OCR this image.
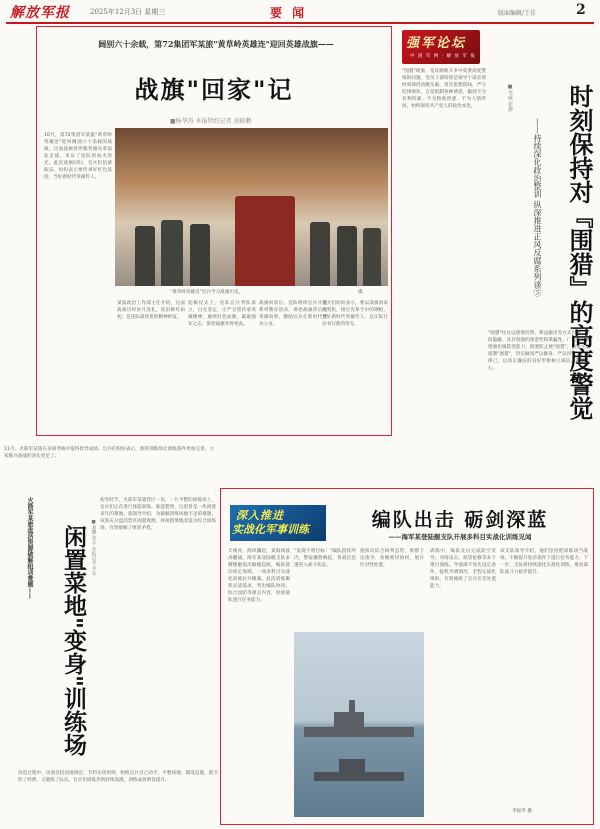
解放军报	2025年12月3日 星期三	要 闻	版面编辑/王佳	2
阔别六十余载，第72集团军某旅"黄草岭英雄连"迎回英雄战旗——
战旗"回家"记
■杨华涛 本报特约记者 黄振鹏
10月，第72集团军某旅"黄草岭英雄连"迎回阔别六十余载的战旗。这面战旗曾伴随英雄先辈南征北战，见证了连队的血火荣光。此次战旗回归，官兵们倍感振奋，纷纷表示要传承好红色基因，当好新时代英雄传人。
"黄草岭英雄连"官兵学习战旗历史。	摄
某旅政治工作部主任介绍，这面战旗历经岁月洗礼，依旧鲜红如初，是连队最珍贵的精神财富。
迎旗仪式上，连队官兵列队肃立，目光坚定，庄严宣誓传承英雄精神，赓续红色血脉，砥砺强军之志，誓把战旗举得更高。
战旗回家后，连队组织官兵开展系列教育活动，讲述战旗背后的英雄故事，激励官兵在新时代建功立业。
官兵们纷纷表示，要以战旗回家为契机，接过先辈手中的钢枪，当好新时代英雄传人，以实际行动书写新的荣光。
强军论坛
中 国 军 网 · 解 放 军 报
"围猎"现象，是反腐败斗争中需要高度警惕的问题。党员干部特别是领导干部必须时刻保持清醒头脑，筑牢思想防线，严守纪律规矩，自觉抵制各种诱惑，做到不为名利所累、不为物欲所惑、不为人情所困，始终保持共产党人的政治本色。
"围猎"往往以感情投资、利益输送等方式出现，手段隐蔽，具有很强的迷惑性和欺骗性。广大官兵要增强拒腐防变能力，既要防止被"围猎"，也要主动抵制"围猎"，切实做到严以修身、严以用权、严以律己，以清正廉洁的良好形象树立威信、凝聚人心。	时刻保持对『围猎』的高度警觉
——持续深化政治整训 纵深推进正风反腐系列谈⑤
■李威 张静
11月，火箭军某旅在多项考核中取得优异成绩。官兵们纷纷表示，新的训练场让训练条件更加完善，大家练兵备战的劲头更足了。
火箭军某旅盘活资源破解组训难题——	闲置菜地"变身"训练场	■刘鹏 张宇 本报记者 李东
初冬时节，火箭军某旅营区一角，一片平整的训练场上，官兵们正在进行体能训练。谁能想到，这里曾是一块闲置多年的菜地。旅领导介绍，为破解训练场地不足的难题，该旅充分盘活营区闲置资源，将闲置菜地改造为综合训练场，有效缓解了组训矛盾。
改造过程中，该旅坚持因地制宜、节约实用原则，组织官兵自己动手，平整场地、铺设设施，既节约了经费，又锻炼了队伍，官兵们训练热情持续高涨，训练成效明显提升。
深入推进
实战化军事训练	编队出击 砺剑深蓝
——海军某登陆舰支队开展多科目实战化训练见闻
天刚亮，海风骤起，某海域波涛翻涌。海军某登陆舰支队多艘舰艇依次解缆起航，编队驶向预定海域，一场多科目实战化训练拉开帷幕。此次训练聚焦实战需求，突出编队协同、综合攻防等重点内容，检验部队遂行任务能力。
"发现不明目标！"编队指挥所内，警报骤然响起，各战位迅速进入战斗状态。
指挥员综合研判态势，果断下达指令，各舰密切协同，展开针对性处置。
训练中，编队先后完成防空反导、对海攻击、损管抢修等多个课目演练。导演部不预先设定条件，临机导调情况，全程实战化组织，有效锤炼了官兵应急处置能力。
该支队领导介绍，他们坚持把训练场当战场，不断提升复杂条件下遂行任务能力。下一步，支队将持续深化实战化训练，推动部队战斗力稳步提升。
李振华 摄
